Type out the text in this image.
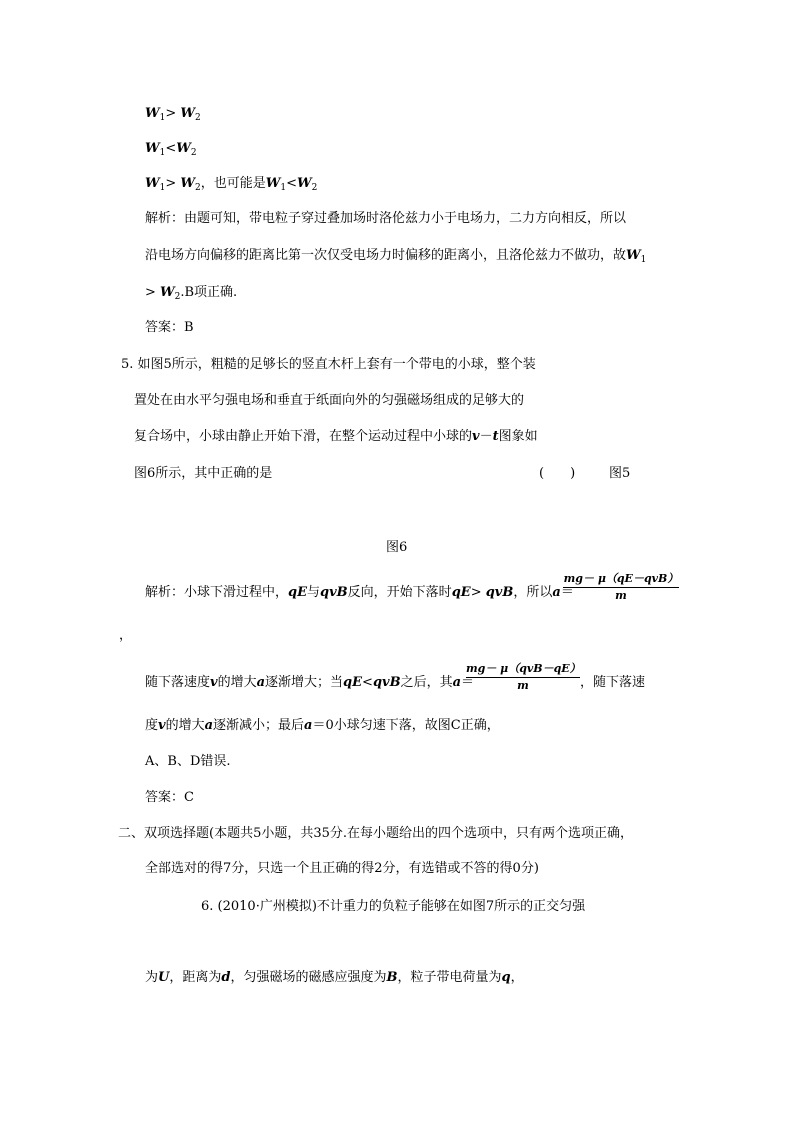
$W_1> W_2$
$W_1<W_2$
$W_1> W_2$，也可能是$W_1<W_2$
解析：由题可知，带电粒子穿过叠加场时洛伦兹力小于电场力，二力方向相反，所以
沿电场方向偏移的距离比第一次仅受电场力时偏移的距离小，且洛伦兹力不做功，故$W_1$
> $W_2.B$项正确.
答案：B
5. 如图5所示，粗糙的足够长的竖直木杆上套有一个带电的小球，整个装
置处在由水平匀强电场和垂直于纸面向外的匀强磁场组成的足够大的
复合场中，小球由静止开始下滑，在整个运动过程中小球的v－t图象如
图6所示，其中正确的是	(　　)	图5
图6
解析：小球下滑过程中，qE与qvB反向，开始下落时qE> qvB，所以a＝
mg－ μ（qE－qvB）
m
，
随下落速度v的增大a逐渐增大；当qE<qvB之后，其a＝
mg－ μ（qvB－qE）
m	，随下落速
度v的增大a逐渐减小；最后a＝0小球匀速下落，故图C正确，
A、B、D错误.
答案：C
二、双项选择题(本题共5小题，共35分.在每小题给出的四个选项中，只有两个选项正确，
全部选对的得7分，只选一个且正确的得2分，有选错或不答的得0分)
6. (2010·广州模拟)不计重力的负粒子能够在如图7所示的正交匀强
为U，距离为d，匀强磁场的磁感应强度为B，粒子带电荷量为q，
